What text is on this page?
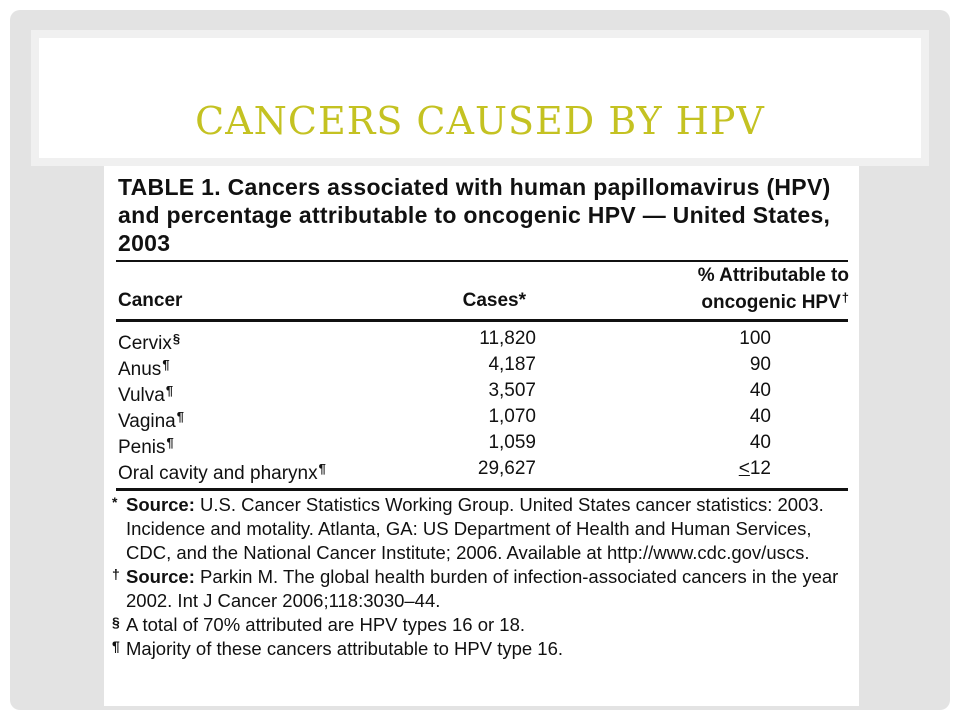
CANCERS CAUSED BY HPV
TABLE 1. Cancers associated with human papillomavirus (HPV) and percentage attributable to oncogenic HPV — United States, 2003
Cancer	Cases*
% Attributable to
oncogenic HPV†
Cervix§	11,820	100
Anus¶	4,187	90
Vulva¶	3,507	40
Vagina¶	1,070	40
Penis¶	1,059	40
Oral cavity and pharynx¶	29,627	≤12
* Source: U.S. Cancer Statistics Working Group. United States cancer statistics: 2003. Incidence and motality. Atlanta, GA: US Department of Health and Human Services, CDC, and the National Cancer Institute; 2006. Available at http://www.cdc.gov/uscs.
† Source: Parkin M. The global health burden of infection-associated cancers in the year 2002. Int J Cancer 2006;118:3030–44.
§ A total of 70% attributed are HPV types 16 or 18.
¶ Majority of these cancers attributable to HPV type 16.
